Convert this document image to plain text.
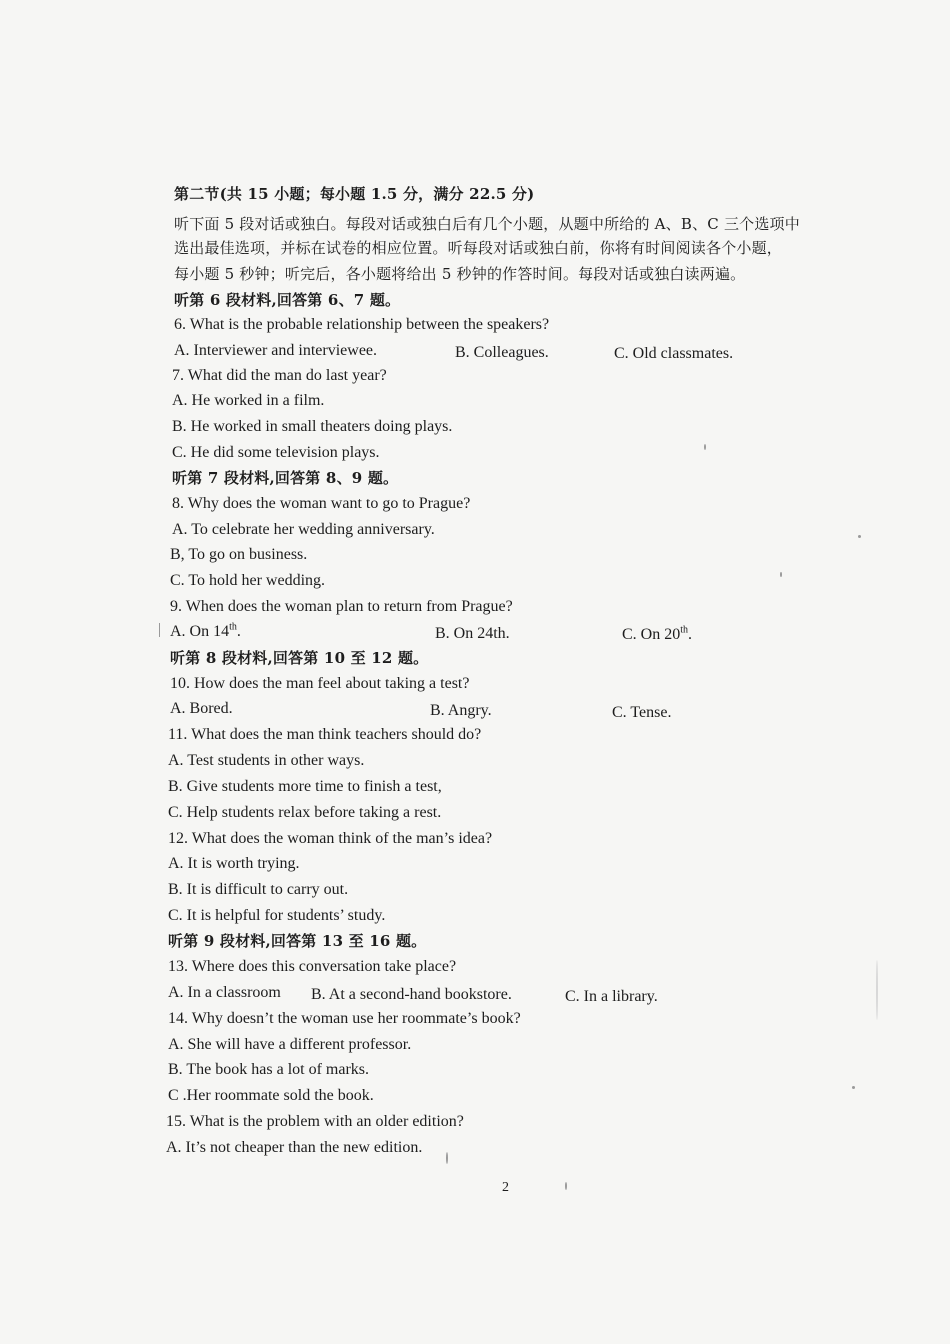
第二节(共 15 小题；每小题 1.5 分，满分 22.5 分)
听下面 5 段对话或独白。每段对话或独白后有几个小题，从题中所给的 A、B、C 三个选项中
选出最佳选项，并标在试卷的相应位置。听每段对话或独白前，你将有时间阅读各个小题，
每小题 5 秒钟；听完后，各小题将给出 5 秒钟的作答时间。每段对话或独白读两遍。
听第 6 段材料,回答第 6、7 题。
6. What is the probable relationship between the speakers?
A. Interviewer and interviewee.	B. Colleagues.	C. Old classmates.
7. What did the man do last year?
A. He worked in a film.
B. He worked in small theaters doing plays.
C. He did some television plays.
听第 7 段材料,回答第 8、9 题。
8. Why does the woman want to go to Prague?
A. To celebrate her wedding anniversary.
B, To go on business.
C. To hold her wedding.
9. When does the woman plan to return from Prague?
A. On 14th.	B. On 24th.	C. On 20th.
听第 8 段材料,回答第 10 至 12 题。
10. How does the man feel about taking a test?
A. Bored.	B. Angry.	C. Tense.
11. What does the man think teachers should do?
A. Test students in other ways.
B. Give students more time to finish a test,
C. Help students relax before taking a rest.
12. What does the woman think of the man’s idea?
A. It is worth trying.
B. It is difficult to carry out.
C. It is helpful for students’ study.
听第 9 段材料,回答第 13 至 16 题。
13. Where does this conversation take place?
A. In a classroom B. At a second-hand bookstore.	C. In a library.
14. Why doesn’t the woman use her roommate’s book?
A. She will have a different professor.
B. The book has a lot of marks.
C .Her roommate sold the book.
15. What is the problem with an older edition?
A. It’s not cheaper than the new edition.
2
